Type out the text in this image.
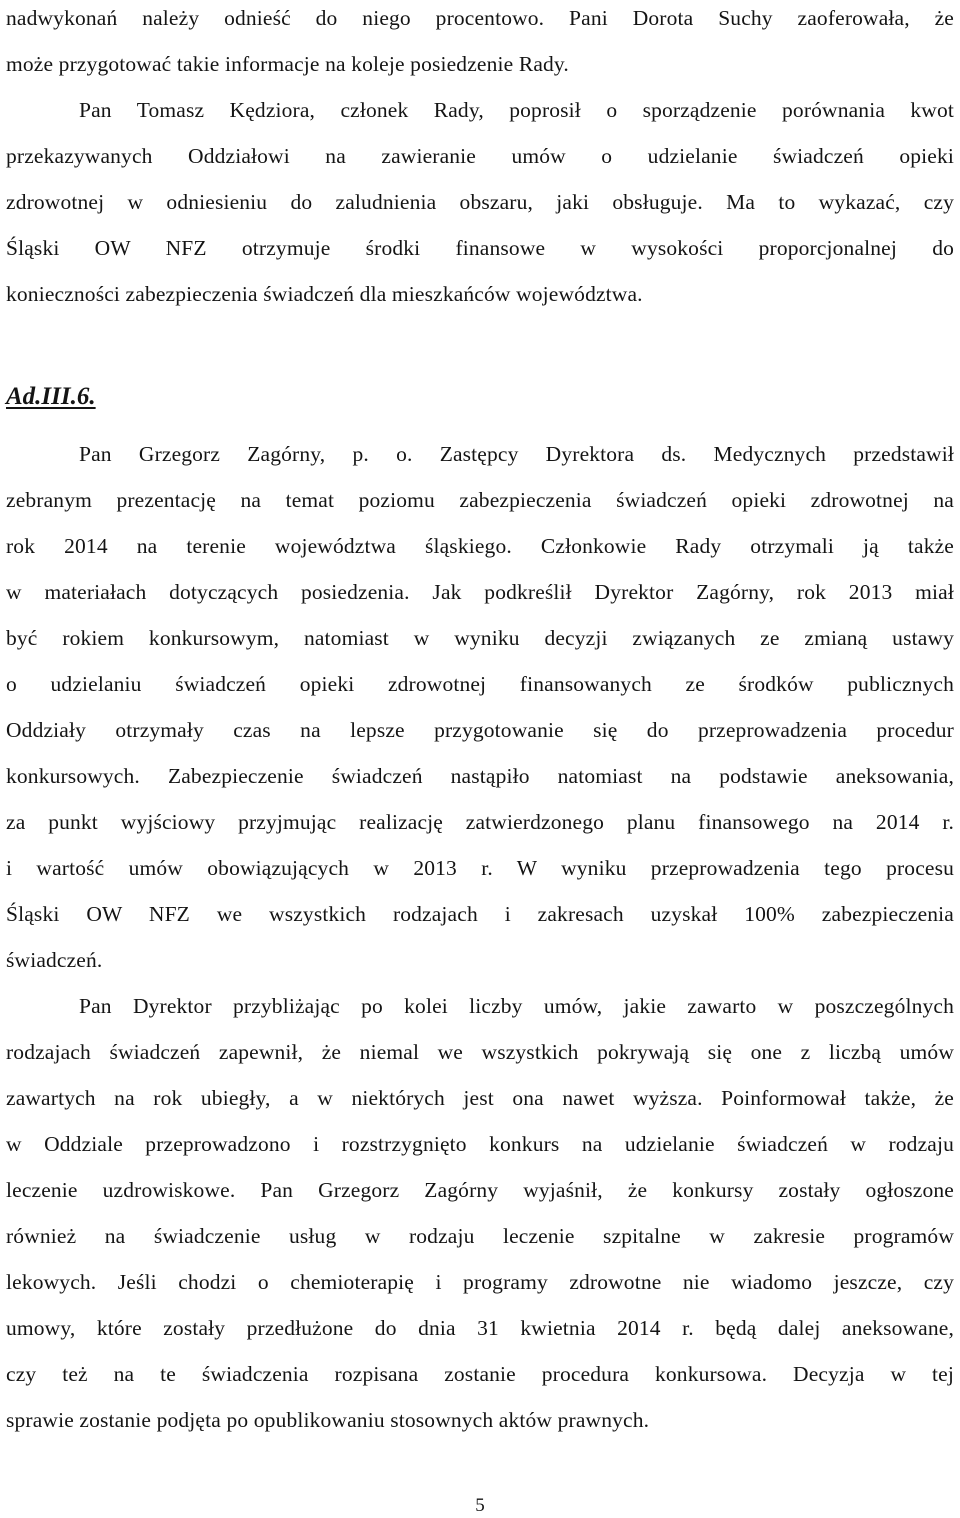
nadwykonań należy odnieść do niego procentowo. Pani Dorota Suchy zaoferowała, że
może przygotować takie informacje na koleje posiedzenie Rady.
Pan Tomasz Kędziora, członek Rady, poprosił o sporządzenie porównania kwot
przekazywanych Oddziałowi na zawieranie umów o udzielanie świadczeń opieki
zdrowotnej w odniesieniu do zaludnienia obszaru, jaki obsługuje. Ma to wykazać, czy
Śląski OW NFZ otrzymuje środki finansowe w wysokości proporcjonalnej do
konieczności zabezpieczenia świadczeń dla mieszkańców województwa.
Ad.III.6.
Pan Grzegorz Zagórny, p. o. Zastępcy Dyrektora ds. Medycznych przedstawił
zebranym prezentację na temat poziomu zabezpieczenia świadczeń opieki zdrowotnej na
rok 2014 na terenie województwa śląskiego. Członkowie Rady otrzymali ją także
w materiałach dotyczących posiedzenia. Jak podkreślił Dyrektor Zagórny, rok 2013 miał
być rokiem konkursowym, natomiast w wyniku decyzji związanych ze zmianą ustawy
o udzielaniu świadczeń opieki zdrowotnej finansowanych ze środków publicznych
Oddziały otrzymały czas na lepsze przygotowanie się do przeprowadzenia procedur
konkursowych. Zabezpieczenie świadczeń nastąpiło natomiast na podstawie aneksowania,
za punkt wyjściowy przyjmując realizację zatwierdzonego planu finansowego na 2014 r.
i wartość umów obowiązujących w 2013 r. W wyniku przeprowadzenia tego procesu
Śląski OW NFZ we wszystkich rodzajach i zakresach uzyskał 100% zabezpieczenia
świadczeń.
Pan Dyrektor przybliżając po kolei liczby umów, jakie zawarto w poszczególnych
rodzajach świadczeń zapewnił, że niemal we wszystkich pokrywają się one z liczbą umów
zawartych na rok ubiegły, a w niektórych jest ona nawet wyższa. Poinformował także, że
w Oddziale przeprowadzono i rozstrzygnięto konkurs na udzielanie świadczeń w rodzaju
leczenie uzdrowiskowe. Pan Grzegorz Zagórny wyjaśnił, że konkursy zostały ogłoszone
również na świadczenie usług w rodzaju leczenie szpitalne w zakresie programów
lekowych. Jeśli chodzi o chemioterapię i programy zdrowotne nie wiadomo jeszcze, czy
umowy, które zostały przedłużone do dnia 31 kwietnia 2014 r. będą dalej aneksowane,
czy też na te świadczenia rozpisana zostanie procedura konkursowa. Decyzja w tej
sprawie zostanie podjęta po opublikowaniu stosownych aktów prawnych.
5
